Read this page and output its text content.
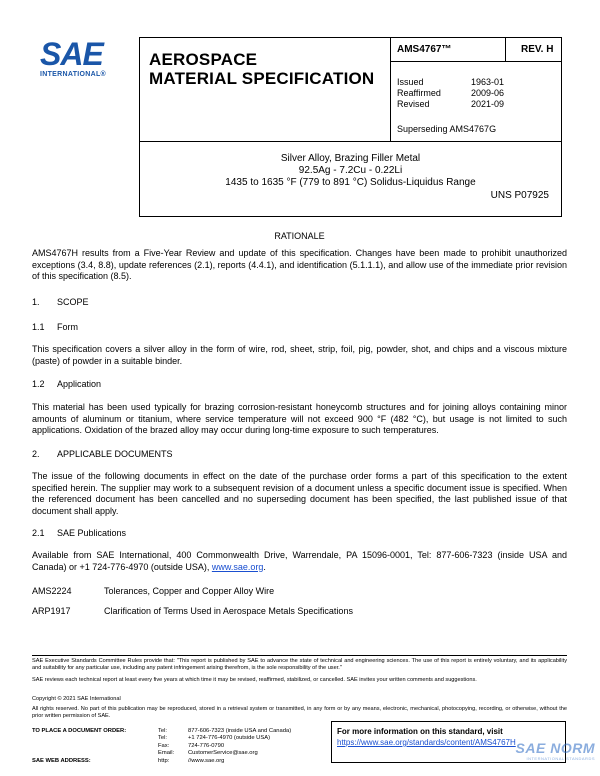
SAE
INTERNATIONAL®
AEROSPACE
MATERIAL SPECIFICATION
AMS4767™	REV. H
Issued	1963-01
Reaffirmed	2009-06
Revised	2021-09
Superseding AMS4767G
Silver Alloy, Brazing Filler Metal
92.5Ag - 7.2Cu - 0.22Li
1435 to 1635 °F (779 to 891 °C) Solidus-Liquidus Range
UNS P07925
RATIONALE
AMS4767H results from a Five-Year Review and update of this specification. Changes have been made to prohibit unauthorized exceptions (3.4, 8.8), update references (2.1), reports (4.4.1), and identification (5.1.1.1), and allow use of the immediate prior revision of this specification (8.5).
1. SCOPE
1.1 Form
This specification covers a silver alloy in the form of wire, rod, sheet, strip, foil, pig, powder, shot, and chips and a viscous mixture (paste) of powder in a suitable binder.
1.2 Application
This material has been used typically for brazing corrosion-resistant honeycomb structures and for joining alloys containing minor amounts of aluminum or titanium, where service temperature will not exceed 900 °F (482 °C), but usage is not limited to such applications. Oxidation of the brazed alloy may occur during long-time exposure to such temperatures.
2. APPLICABLE DOCUMENTS
The issue of the following documents in effect on the date of the purchase order forms a part of this specification to the extent specified herein. The supplier may work to a subsequent revision of a document unless a specific document issue is specified. When the referenced document has been cancelled and no superseding document has been specified, the last published issue of that document shall apply.
2.1 SAE Publications
Available from SAE International, 400 Commonwealth Drive, Warrendale, PA 15096-0001, Tel: 877-606-7323 (inside USA and Canada) or +1 724-776-4970 (outside USA), www.sae.org.
AMS2224	Tolerances, Copper and Copper Alloy Wire
ARP1917	Clarification of Terms Used in Aerospace Metals Specifications
SAE Executive Standards Committee Rules provide that: "This report is published by SAE to advance the state of technical and engineering sciences. The use of this report is entirely voluntary, and its applicability and suitability for any particular use, including any patent infringement arising therefrom, is the sole responsibility of the user."
SAE reviews each technical report at least every five years at which time it may be revised, reaffirmed, stabilized, or cancelled. SAE invites your written comments and suggestions.
Copyright © 2021 SAE International
All rights reserved. No part of this publication may be reproduced, stored in a retrieval system or transmitted, in any form or by any means, electronic, mechanical, photocopying, recording, or otherwise, without the prior written permission of SAE.
TO PLACE A DOCUMENT ORDER:	Tel:	877-606-7323 (inside USA and Canada)
	Tel:	+1 724-776-4970 (outside USA)
	Fax:	724-776-0790
	Email:	CustomerService@sae.org
SAE WEB ADDRESS:	http:	//www.sae.org
For more information on this standard, visit
https://www.sae.org/standards/content/AMS4767H SAE NORM
INTERNATIONAL STANDARDS
